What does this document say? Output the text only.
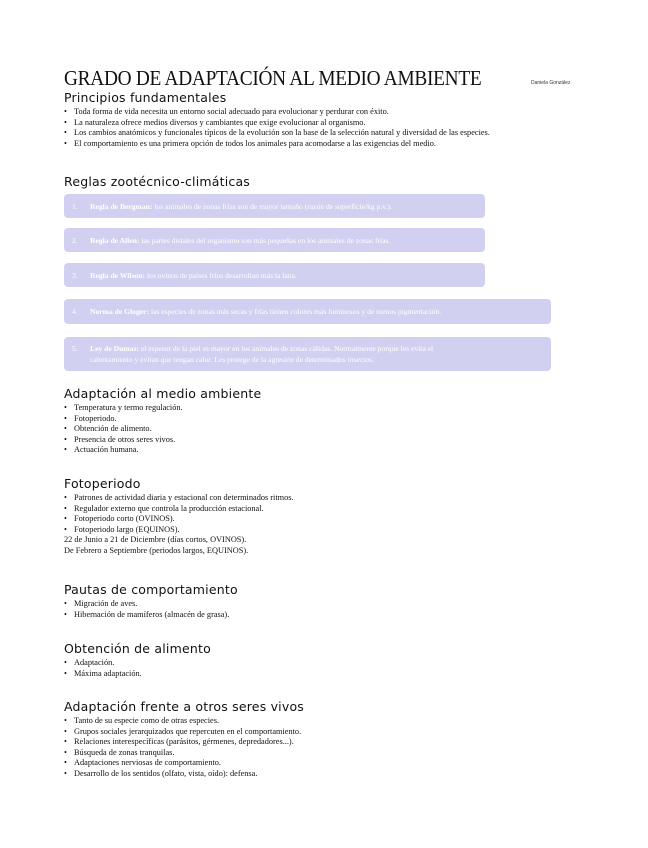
GRADO DE ADAPTACIÓN AL MEDIO AMBIENTE	Daniela González
Principios fundamentales
• Toda forma de vida necesita un entorno social adecuado para evolucionar y perdurar con éxito.
• La naturaleza ofrece medios diversos y cambiantes que exige evolucionar al organismo.
• Los cambios anatómicos y funcionales típicos de la evolución son la base de la selección natural y diversidad de las especies.
• El comportamiento es una primera opción de todos los animales para acomodarse a las exigencias del medio.
Reglas zootécnico-climáticas
1. Regla de Bergman: los animales de zonas frías son de mayor tamaño (razón de superficie/kg p.v.).
2. Regla de Allen: las partes distales del organismo son más pequeñas en los animales de zonas frías.
3. Regla de Wilson: los ovinos de países fríos desarrollan más la lana.
4. Norma de Gloger: las especies de zonas más secas y frías tienen colores más luminosos y de menos pigmentación.
5. Ley de Dumas: el espesor de la piel es mayor en los animales de zonas cálidas. Normalmente porque les evita el
calentamiento y evitan que tengan calor. Les protege de la agresión de determinados insectos.
Adaptación al medio ambiente
• Temperatura y termo regulación.
• Fotoperiodo.
• Obtención de alimento.
• Presencia de otros seres vivos.
• Actuación humana.
Fotoperiodo
• Patrones de actividad diaria y estacional con determinados ritmos.
• Regulador externo que controla la producción estacional.
• Fotoperiodo corto (OVINOS).
• Fotoperiodo largo (EQUINOS).
22 de Junio a 21 de Diciembre (días cortos, OVINOS).
De Febrero a Septiembre (periodos largos, EQUINOS).
Pautas de comportamiento
• Migración de aves.
• Hibernación de mamíferos (almacén de grasa).
Obtención de alimento
• Adaptación.
• Máxima adaptación.
Adaptación frente a otros seres vivos
• Tanto de su especie como de otras especies.
• Grupos sociales jerarquizados que repercuten en el comportamiento.
• Relaciones interespecíficas (parásitos, gérmenes, depredadores...).
• Búsqueda de zonas tranquilas.
• Adaptaciones nerviosas de comportamiento.
• Desarrollo de los sentidos (olfato, vista, oído): defensa.
